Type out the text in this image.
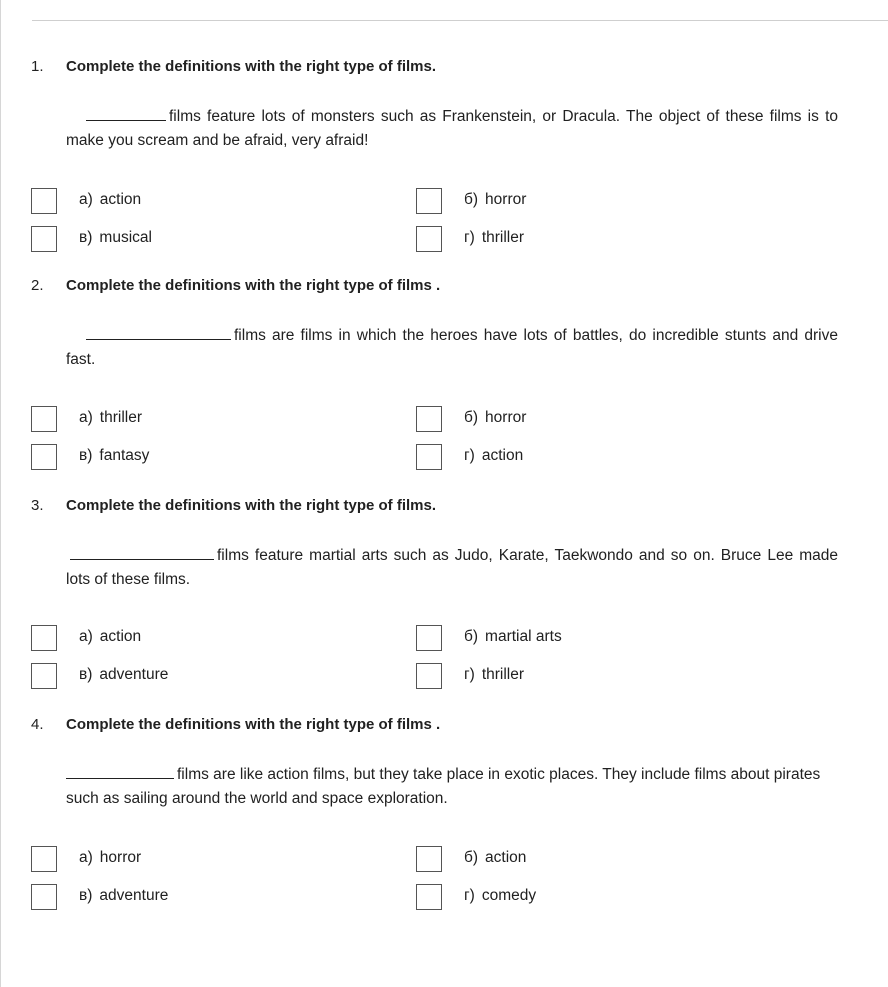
1. Complete the definitions with the right type of films.
films feature lots of monsters such as Frankenstein, or Dracula. The object of these films is to make you scream and be afraid, very afraid!
а) action	б) horror
в) musical	г) thriller
2. Complete the definitions with the right type of films .
films are films in which the heroes have lots of battles, do incredible stunts and drive fast.
а) thriller	б) horror
в) fantasy	г) action
3. Complete the definitions with the right type of films.
films feature martial arts such as Judo, Karate, Taekwondo and so on. Bruce Lee made lots of these films.
а) action	б) martial arts
в) adventure	г) thriller
4. Complete the definitions with the right type of films .
films are like action films, but they take place in exotic places. They include films about pirates such as sailing around the world and space exploration.
а) horror	б) action
в) adventure	г) comedy
